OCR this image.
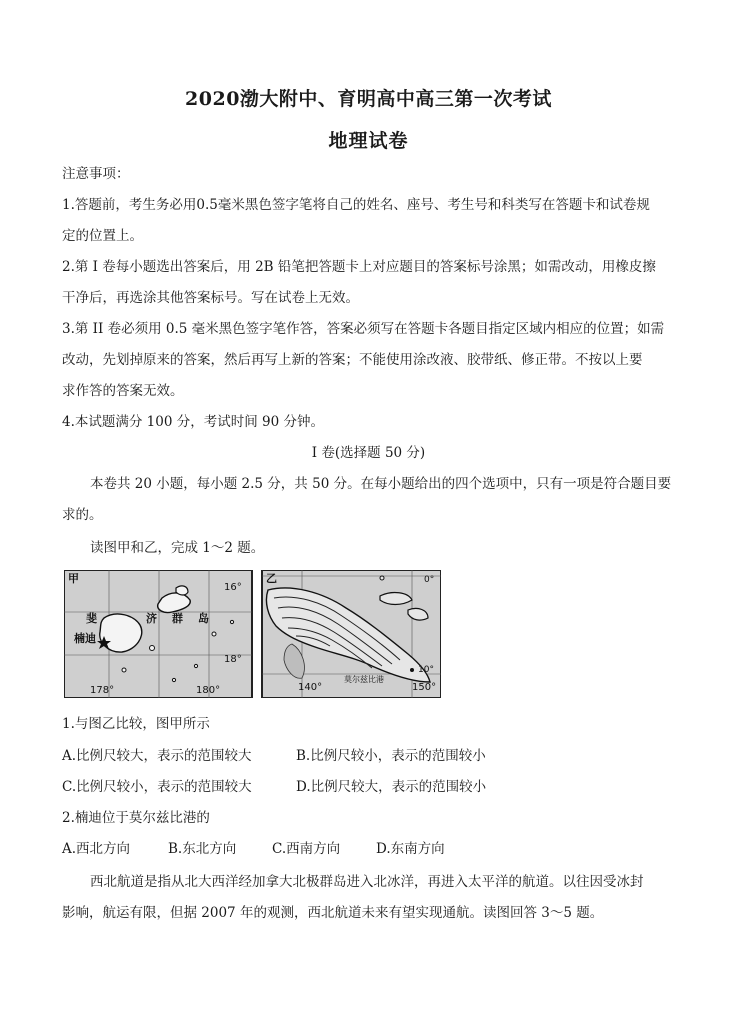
2020渤大附中、育明高中高三第一次考试
地理试卷
注意事项：
1.答题前，考生务必用0.5毫米黑色签字笔将自己的姓名、座号、考生号和科类写在答题卡和试卷规
定的位置上。
2.第 I 卷每小题选出答案后，用 2B 铅笔把答题卡上对应题目的答案标号涂黑；如需改动，用橡皮擦
干净后，再选涂其他答案标号。写在试卷上无效。
3.第 II 卷必须用 0.5 毫米黑色签字笔作答，答案必须写在答题卡各题目指定区域内相应的位置；如需
改动，先划掉原来的答案，然后再写上新的答案；不能使用涂改液、胶带纸、修正带。不按以上要
求作答的答案无效。
4.本试题满分 100 分，考试时间 90 分钟。
I 卷(选择题 50 分)
本卷共 20 小题，每小题 2.5 分，共 50 分。在每小题给出的四个选项中，只有一项是符合题目要
求的。
读图甲和乙，完成 1～2 题。
甲
16°
18°
178°	180°
斐	济 群 岛
楠迪
乙	0°
10°
140°	150°
莫尔兹比港
1.与图乙比较，图甲所示
A.比例尺较大，表示的范围较大	B.比例尺较小，表示的范围较小
C.比例尺较小，表示的范围较大	D.比例尺较大，表示的范围较小
2.楠迪位于莫尔兹比港的
A.西北方向	B.东北方向	C.西南方向	D.东南方向
西北航道是指从北大西洋经加拿大北极群岛进入北冰洋，再进入太平洋的航道。以往因受冰封
影响，航运有限，但据 2007 年的观测，西北航道未来有望实现通航。读图回答 3～5 题。
